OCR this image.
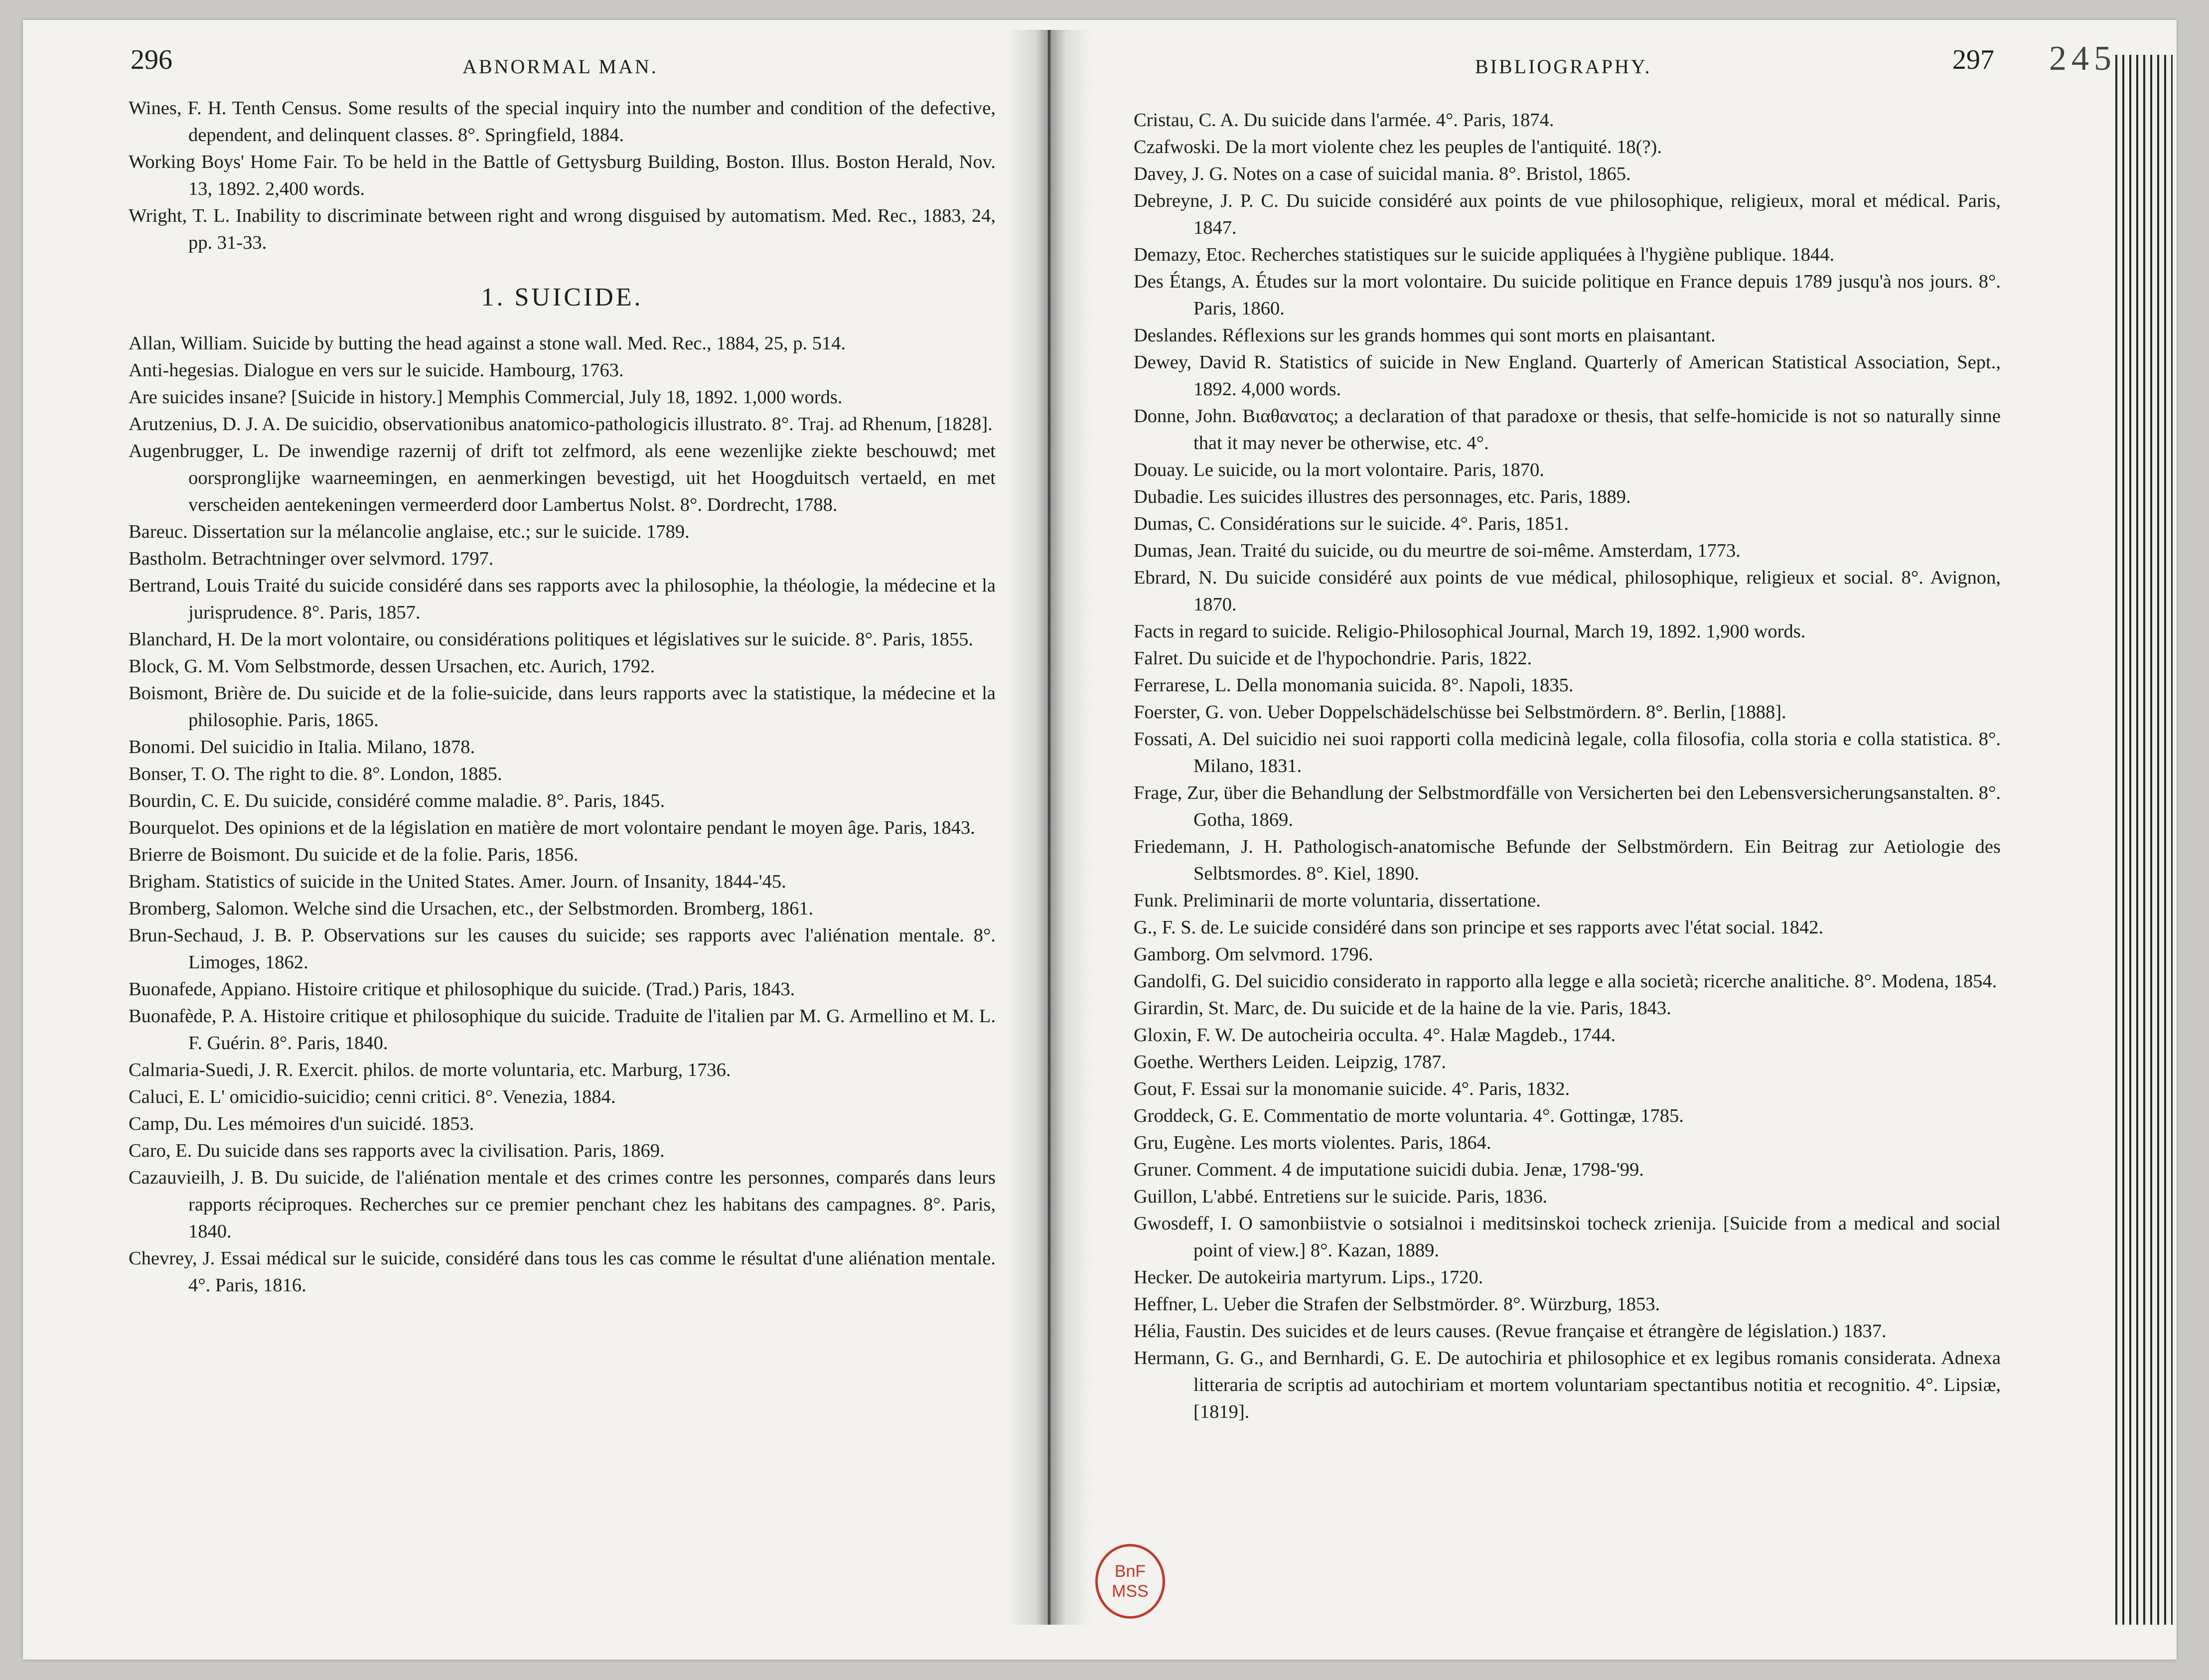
296	ABNORMAL MAN.	BIBLIOGRAPHY.	297 245
Wines, F. H. Tenth Census. Some results of the special inquiry into the number and condition of the defective, dependent, and delinquent classes. 8°. Springfield, 1884.
Working Boys' Home Fair. To be held in the Battle of Gettysburg Building, Boston. Illus. Boston Herald, Nov. 13, 1892. 2,400 words.
Wright, T. L. Inability to discriminate between right and wrong disguised by automatism. Med. Rec., 1883, 24, pp. 31-33.
1. SUICIDE.
Allan, William. Suicide by butting the head against a stone wall. Med. Rec., 1884, 25, p. 514.
Anti-hegesias. Dialogue en vers sur le suicide. Hambourg, 1763.
Are suicides insane? [Suicide in history.] Memphis Commercial, July 18, 1892. 1,000 words.
Arutzenius, D. J. A. De suicidio, observationibus anatomico-pathologicis illustrato. 8°. Traj. ad Rhenum, [1828].
Augenbrugger, L. De inwendige razernij of drift tot zelfmord, als eene wezenlijke ziekte beschouwd; met oorspronglijke waarneemingen, en aenmerkingen bevestigd, uit het Hoogduitsch vertaeld, en met verscheiden aentekeningen vermeerderd door Lambertus Nolst. 8°. Dordrecht, 1788.
Bareuc. Dissertation sur la mélancolie anglaise, etc.; sur le suicide. 1789.
Bastholm. Betrachtninger over selvmord. 1797.
Bertrand, Louis Traité du suicide considéré dans ses rapports avec la philosophie, la théologie, la médecine et la jurisprudence. 8°. Paris, 1857.
Blanchard, H. De la mort volontaire, ou considérations politiques et législatives sur le suicide. 8°. Paris, 1855.
Block, G. M. Vom Selbstmorde, dessen Ursachen, etc. Aurich, 1792.
Boismont, Brière de. Du suicide et de la folie-suicide, dans leurs rapports avec la statistique, la médecine et la philosophie. Paris, 1865.
Bonomi. Del suicidio in Italia. Milano, 1878.
Bonser, T. O. The right to die. 8°. London, 1885.
Bourdin, C. E. Du suicide, considéré comme maladie. 8°. Paris, 1845.
Bourquelot. Des opinions et de la législation en matière de mort volontaire pendant le moyen âge. Paris, 1843.
Brierre de Boismont. Du suicide et de la folie. Paris, 1856.
Brigham. Statistics of suicide in the United States. Amer. Journ. of Insanity, 1844-'45.
Bromberg, Salomon. Welche sind die Ursachen, etc., der Selbstmorden. Bromberg, 1861.
Brun-Sechaud, J. B. P. Observations sur les causes du suicide; ses rapports avec l'aliénation mentale. 8°. Limoges, 1862.
Buonafede, Appiano. Histoire critique et philosophique du suicide. (Trad.) Paris, 1843.
Buonafède, P. A. Histoire critique et philosophique du suicide. Traduite de l'italien par M. G. Armellino et M. L. F. Guérin. 8°. Paris, 1840.
Calmaria-Suedi, J. R. Exercit. philos. de morte voluntaria, etc. Marburg, 1736.
Caluci, E. L' omicidio-suicidio; cenni critici. 8°. Venezia, 1884.
Camp, Du. Les mémoires d'un suicidé. 1853.
Caro, E. Du suicide dans ses rapports avec la civilisation. Paris, 1869.
Cazauvieilh, J. B. Du suicide, de l'aliénation mentale et des crimes contre les personnes, comparés dans leurs rapports réciproques. Recherches sur ce premier penchant chez les habitans des campagnes. 8°. Paris, 1840.
Chevrey, J. Essai médical sur le suicide, considéré dans tous les cas comme le résultat d'une aliénation mentale. 4°. Paris, 1816.
Cristau, C. A. Du suicide dans l'armée. 4°. Paris, 1874.
Czafwoski. De la mort violente chez les peuples de l'antiquité. 18(?).
Davey, J. G. Notes on a case of suicidal mania. 8°. Bristol, 1865.
Debreyne, J. P. C. Du suicide considéré aux points de vue philosophique, religieux, moral et médical. Paris, 1847.
Demazy, Etoc. Recherches statistiques sur le suicide appliquées à l'hygiène publique. 1844.
Des Étangs, A. Études sur la mort volontaire. Du suicide politique en France depuis 1789 jusqu'à nos jours. 8°. Paris, 1860.
Deslandes. Réflexions sur les grands hommes qui sont morts en plaisantant.
Dewey, David R. Statistics of suicide in New England. Quarterly of American Statistical Association, Sept., 1892. 4,000 words.
Donne, John. Βιαθανατος; a declaration of that paradoxe or thesis, that selfe-homicide is not so naturally sinne that it may never be otherwise, etc. 4°.
Douay. Le suicide, ou la mort volontaire. Paris, 1870.
Dubadie. Les suicides illustres des personnages, etc. Paris, 1889.
Dumas, C. Considérations sur le suicide. 4°. Paris, 1851.
Dumas, Jean. Traité du suicide, ou du meurtre de soi-même. Amsterdam, 1773.
Ebrard, N. Du suicide considéré aux points de vue médical, philosophique, religieux et social. 8°. Avignon, 1870.
Facts in regard to suicide. Religio-Philosophical Journal, March 19, 1892. 1,900 words.
Falret. Du suicide et de l'hypochondrie. Paris, 1822.
Ferrarese, L. Della monomania suicida. 8°. Napoli, 1835.
Foerster, G. von. Ueber Doppelschädelschüsse bei Selbstmördern. 8°. Berlin, [1888].
Fossati, A. Del suicidio nei suoi rapporti colla medicinà legale, colla filosofia, colla storia e colla statistica. 8°. Milano, 1831.
Frage, Zur, über die Behandlung der Selbstmordfälle von Versicherten bei den Lebensversicherungsanstalten. 8°. Gotha, 1869.
Friedemann, J. H. Pathologisch-anatomische Befunde der Selbstmördern. Ein Beitrag zur Aetiologie des Selbtsmordes. 8°. Kiel, 1890.
Funk. Preliminarii de morte voluntaria, dissertatione.
G., F. S. de. Le suicide considéré dans son principe et ses rapports avec l'état social. 1842.
Gamborg. Om selvmord. 1796.
Gandolfi, G. Del suicidio considerato in rapporto alla legge e alla società; ricerche analitiche. 8°. Modena, 1854.
Girardin, St. Marc, de. Du suicide et de la haine de la vie. Paris, 1843.
Gloxin, F. W. De autocheiria occulta. 4°. Halæ Magdeb., 1744.
Goethe. Werthers Leiden. Leipzig, 1787.
Gout, F. Essai sur la monomanie suicide. 4°. Paris, 1832.
Groddeck, G. E. Commentatio de morte voluntaria. 4°. Gottingæ, 1785.
Gru, Eugène. Les morts violentes. Paris, 1864.
Gruner. Comment. 4 de imputatione suicidi dubia. Jenæ, 1798-'99.
Guillon, L'abbé. Entretiens sur le suicide. Paris, 1836.
Gwosdeff, I. O samonbiistvie o sotsialnoi i meditsinskoi tocheck zrienija. [Suicide from a medical and social point of view.] 8°. Kazan, 1889.
Hecker. De autokeiria martyrum. Lips., 1720.
Heffner, L. Ueber die Strafen der Selbstmörder. 8°. Würzburg, 1853.
Hélia, Faustin. Des suicides et de leurs causes. (Revue française et étrangère de législation.) 1837.
Hermann, G. G., and Bernhardi, G. E. De autochiria et philosophice et ex legibus romanis considerata. Adnexa litteraria de scriptis ad autochiriam et mortem voluntariam spectantibus notitia et recognitio. 4°. Lipsiæ, [1819].
BnF
MSS
